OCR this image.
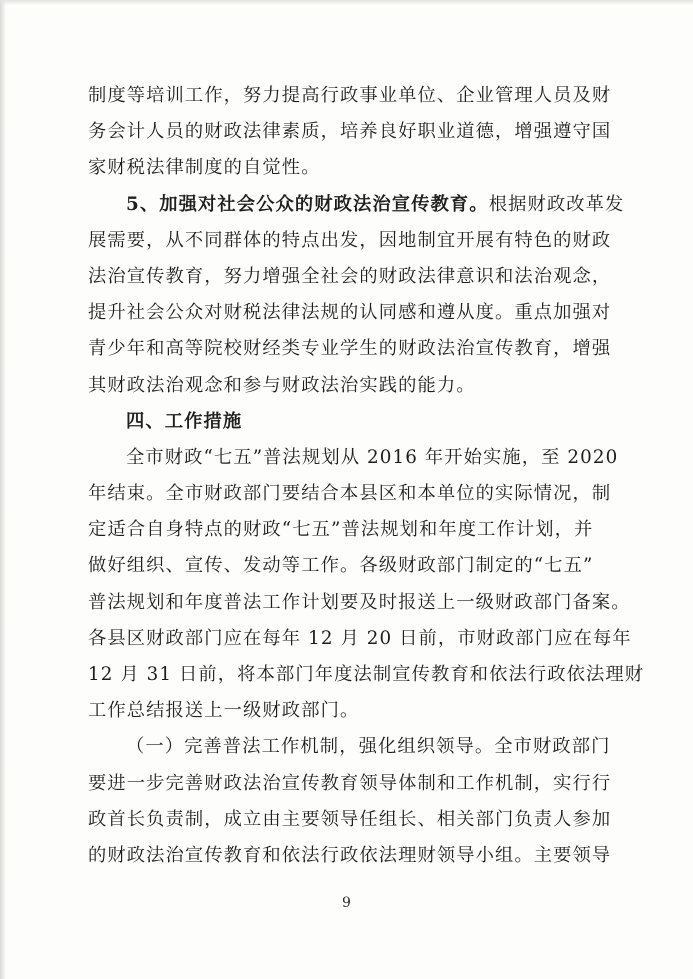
制度等培训工作，努力提高行政事业单位、企业管理人员及财
务会计人员的财政法律素质，培养良好职业道德，增强遵守国
家财税法律制度的自觉性。
5、加强对社会公众的财政法治宣传教育。根据财政改革发
展需要，从不同群体的特点出发，因地制宜开展有特色的财政
法治宣传教育，努力增强全社会的财政法律意识和法治观念，
提升社会公众对财税法律法规的认同感和遵从度。重点加强对
青少年和高等院校财经类专业学生的财政法治宣传教育，增强
其财政法治观念和参与财政法治实践的能力。
四、工作措施
全市财政“七五”普法规划从 2016 年开始实施，至 2020
年结束。全市财政部门要结合本县区和本单位的实际情况，制
定适合自身特点的财政“七五”普法规划和年度工作计划，并
做好组织、宣传、发动等工作。各级财政部门制定的“七五”
普法规划和年度普法工作计划要及时报送上一级财政部门备案。
各县区财政部门应在每年 12 月 20 日前，市财政部门应在每年
12 月 31 日前，将本部门年度法制宣传教育和依法行政依法理财
工作总结报送上一级财政部门。
（一）完善普法工作机制，强化组织领导。全市财政部门
要进一步完善财政法治宣传教育领导体制和工作机制，实行行
政首长负责制，成立由主要领导任组长、相关部门负责人参加
的财政法治宣传教育和依法行政依法理财领导小组。主要领导
9
